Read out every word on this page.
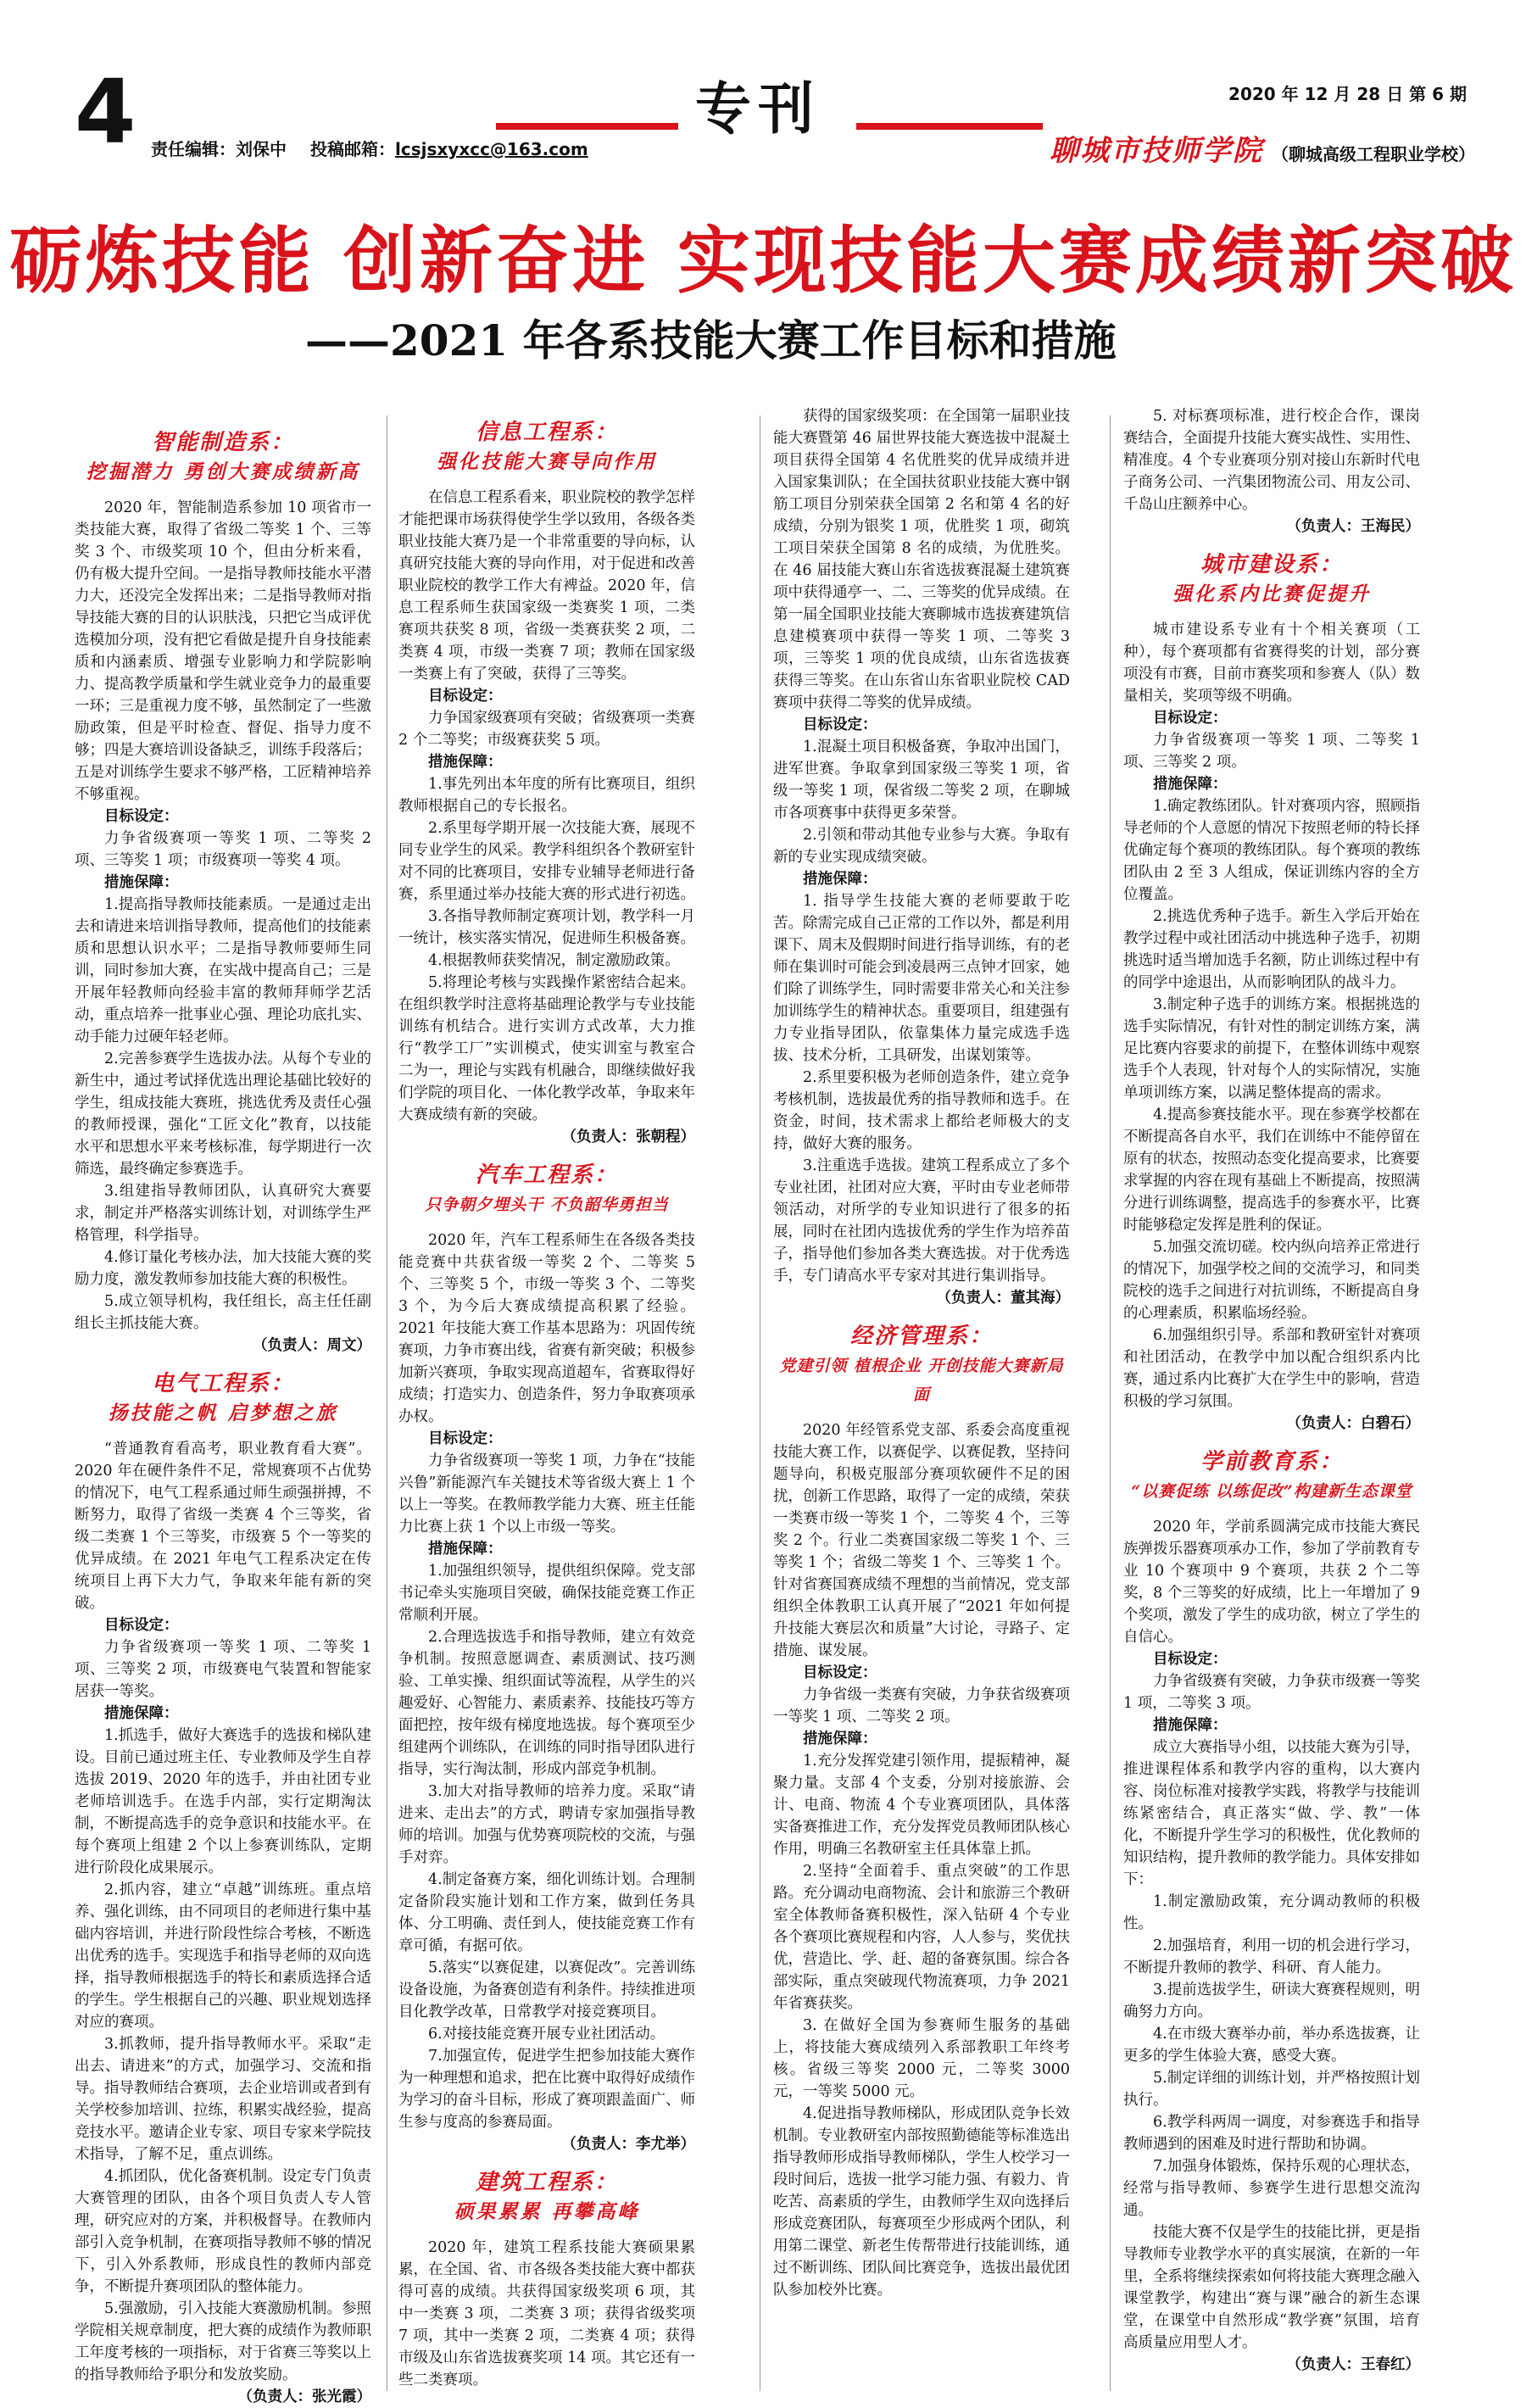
4 责任编辑：刘保中 投稿邮箱：lcsjsxyxcc@163.com
专刊	2020 年 12 月 28 日 第 6 期
聊城市技师学院 （聊城高级工程职业学校）
砺炼技能 创新奋进 实现技能大赛成绩新突破
——2021 年各系技能大赛工作目标和措施
智能制造系：
挖掘潜力 勇创大赛成绩新高

2020 年，智能制造系参加 10 项省市一类技能大赛，取得了省级二等奖 1 个、三等奖 3 个、市级奖项 10 个，但由分析来看，仍有极大提升空间。一是指导教师技能水平潜力大，还没完全发挥出来；二是指导教师对指导技能大赛的目的认识肤浅，只把它当成评优选模加分项，没有把它看做是提升自身技能素质和内涵素质、增强专业影响力和学院影响力、提高教学质量和学生就业竞争力的最重要一环；三是重视力度不够，虽然制定了一些激励政策，但是平时检查、督促、指导力度不够；四是大赛培训设备缺乏，训练手段落后；五是对训练学生要求不够严格，工匠精神培养不够重视。

目标设定：

力争省级赛项一等奖 1 项、二等奖 2 项、三等奖 1 项；市级赛项一等奖 4 项。

措施保障：

1.提高指导教师技能素质。一是通过走出去和请进来培训指导教师，提高他们的技能素质和思想认识水平；二是指导教师要师生同训，同时参加大赛，在实战中提高自己；三是开展年轻教师向经验丰富的教师拜师学艺活动，重点培养一批事业心强、理论功底扎实、动手能力过硬年轻老师。

2.完善参赛学生选拔办法。从每个专业的新生中，通过考试择优选出理论基础比较好的学生，组成技能大赛班，挑选优秀及责任心强的教师授课，强化“工匠文化”教育，以技能水平和思想水平来考核标准，每学期进行一次筛选，最终确定参赛选手。

3.组建指导教师团队，认真研究大赛要求，制定并严格落实训练计划，对训练学生严格管理，科学指导。

4.修订量化考核办法，加大技能大赛的奖励力度，激发教师参加技能大赛的积极性。

5.成立领导机构，我任组长，高主任任副组长主抓技能大赛。

（负责人：周文）

电气工程系：
扬技能之帆 启梦想之旅

“普通教育看高考，职业教育看大赛”。2020 年在硬件条件不足，常规赛项不占优势的情况下，电气工程系通过师生顽强拼搏，不断努力，取得了省级一类赛 4 个三等奖，省级二类赛 1 个三等奖，市级赛 5 个一等奖的优异成绩。在 2021 年电气工程系决定在传统项目上再下大力气，争取来年能有新的突破。

目标设定：

力争省级赛项一等奖 1 项、二等奖 1 项、三等奖 2 项，市级赛电气装置和智能家居获一等奖。

措施保障：

1.抓选手，做好大赛选手的选拔和梯队建设。目前已通过班主任、专业教师及学生自荐选拔 2019、2020 年的选手，并由社团专业老师培训选手。在选手内部，实行定期淘汰制，不断提高选手的竞争意识和技能水平。在每个赛项上组建 2 个以上参赛训练队，定期进行阶段化成果展示。

2.抓内容，建立“卓越”训练班。重点培养、强化训练，由不同项目的老师进行集中基础内容培训，并进行阶段性综合考核，不断选出优秀的选手。实现选手和指导老师的双向选择，指导教师根据选手的特长和素质选择合适的学生。学生根据自己的兴趣、职业规划选择对应的赛项。

3.抓教师，提升指导教师水平。采取“走出去、请进来”的方式，加强学习、交流和指导。指导教师结合赛项，去企业培训或者到有关学校参加培训、拉练，积累实战经验，提高竞技水平。邀请企业专家、项目专家来学院技术指导，了解不足，重点训练。

4.抓团队，优化备赛机制。设定专门负责大赛管理的团队，由各个项目负责人专人管理，研究应对的方案，并积极督导。在教师内部引入竞争机制，在赛项指导教师不够的情况下，引入外系教师，形成良性的教师内部竞争，不断提升赛项团队的整体能力。

5.强激励，引入技能大赛激励机制。参照学院相关规章制度，把大赛的成绩作为教师职工年度考核的一项指标，对于省赛三等奖以上的指导教师给予职分和发放奖励。

（负责人：张光霞）

信息工程系：
强化技能大赛导向作用

在信息工程系看来，职业院校的教学怎样才能把课市场获得使学生学以致用，各级各类职业技能大赛乃是一个非常重要的导向标，认真研究技能大赛的导向作用，对于促进和改善职业院校的教学工作大有裨益。2020 年，信息工程系师生获国家级一类赛奖 1 项，二类赛项共获奖 8 项，省级一类赛获奖 2 项，二类赛 4 项，市级一类赛 7 项；教师在国家级一类赛上有了突破，获得了三等奖。

目标设定：

力争国家级赛项有突破；省级赛项一类赛 2 个二等奖；市级赛获奖 5 项。

措施保障：

1.事先列出本年度的所有比赛项目，组织教师根据自己的专长报名。

2.系里每学期开展一次技能大赛，展现不同专业学生的风采。教学科组织各个教研室针对不同的比赛项目，安排专业辅导老师进行备赛，系里通过举办技能大赛的形式进行初选。

3.各指导教师制定赛项计划，教学科一月一统计，核实落实情况，促进师生积极备赛。

4.根据教师获奖情况，制定激励政策。

5.将理论考核与实践操作紧密结合起来。在组织教学时注意将基础理论教学与专业技能训练有机结合。进行实训方式改革，大力推行“教学工厂”实训模式，使实训室与教室合二为一，理论与实践有机融合，即继续做好我们学院的项目化、一体化教学改革，争取来年大赛成绩有新的突破。

（负责人：张朝程）

汽车工程系：
只争朝夕埋头干 不负韶华勇担当

2020 年，汽车工程系师生在各级各类技能竞赛中共获省级一等奖 2 个、二等奖 5 个、三等奖 5 个，市级一等奖 3 个、二等奖 3 个，为今后大赛成绩提高积累了经验。2021 年技能大赛工作基本思路为：巩固传统赛项，力争市赛出线，省赛有新突破；积极参加新兴赛项，争取实现高道超车，省赛取得好成绩；打造实力、创造条件，努力争取赛项承办权。

目标设定：

力争省级赛项一等奖 1 项，力争在“技能兴鲁”新能源汽车关键技术等省级大赛上 1 个以上一等奖。在教师教学能力大赛、班主任能力比赛上获 1 个以上市级一等奖。

措施保障：

1.加强组织领导，提供组织保障。党支部书记牵头实施项目突破，确保技能竞赛工作正常顺利开展。

2.合理选拔选手和指导教师，建立有效竞争机制。按照意愿调查、素质测试、技巧测验、工单实操、组织面试等流程，从学生的兴趣爱好、心智能力、素质素养、技能技巧等方面把控，按年级有梯度地选拔。每个赛项至少组建两个训练队，在训练的同时指导团队进行指导，实行淘汰制，形成内部竞争机制。

3.加大对指导教师的培养力度。采取“请进来、走出去”的方式，聘请专家加强指导教师的培训。加强与优势赛项院校的交流，与强手对弈。

4.制定备赛方案，细化训练计划。合理制定备阶段实施计划和工作方案，做到任务具体、分工明确、责任到人，使技能竞赛工作有章可循，有据可依。

5.落实“以赛促建，以赛促改”。完善训练设备设施，为备赛创造有利条件。持续推进项目化教学改革，日常教学对接竞赛项目。

6.对接技能竞赛开展专业社团活动。

7.加强宣传，促进学生把参加技能大赛作为一种理想和追求，把在比赛中取得好成绩作为学习的奋斗目标，形成了赛项跟盖面广、师生参与度高的参赛局面。

（负责人：李尤举）

建筑工程系：
硕果累累 再攀高峰

2020 年，建筑工程系技能大赛硕果累累，在全国、省、市各级各类技能大赛中都获得可喜的成绩。共获得国家级奖项 6 项，其中一类赛 3 项，二类赛 3 项；获得省级奖项 7 项，其中一类赛 2 项，二类赛 4 项；获得市级及山东省选拔赛奖项 14 项。其它还有一些二类赛项。

获得的国家级奖项：在全国第一届职业技能大赛暨第 46 届世界技能大赛选拔中混凝土项目获得全国第 4 名优胜奖的优异成绩并进入国家集训队；在全国扶贫职业技能大赛中钢筋工项目分别荣获全国第 2 名和第 4 名的好成绩，分别为银奖 1 项，优胜奖 1 项，砌筑工项目荣获全国第 8 名的成绩，为优胜奖。在 46 届技能大赛山东省选拔赛混凝土建筑赛项中获得通亭一、二、三等奖的优异成绩。在第一届全国职业技能大赛聊城市选拔赛建筑信息建模赛项中获得一等奖 1 项、二等奖 3 项，三等奖 1 项的优良成绩，山东省选拔赛获得三等奖。在山东省山东省职业院校 CAD 赛项中获得二等奖的优异成绩。

目标设定：

1.混凝土项目积极备赛，争取冲出国门，进军世赛。争取拿到国家级三等奖 1 项，省级一等奖 1 项，保省级二等奖 2 项，在聊城市各项赛事中获得更多荣誉。

2.引领和带动其他专业参与大赛。争取有新的专业实现成绩突破。

措施保障：

1. 指导学生技能大赛的老师要敢于吃苦。除需完成自己正常的工作以外，都是利用课下、周末及假期时间进行指导训练，有的老师在集训时可能会到凌晨两三点钟才回家，她们除了训练学生，同时需要非常关心和关注参加训练学生的精神状态。重要项目，组建强有力专业指导团队，依靠集体力量完成选手选拔、技术分析，工具研发，出谋划策等。

2.系里要积极为老师创造条件，建立竞争考核机制，选拔最优秀的指导教师和选手。在资金，时间，技术需求上都给老师极大的支持，做好大赛的服务。

3.注重选手选拔。建筑工程系成立了多个专业社团，社团对应大赛，平时由专业老师带领活动，对所学的专业知识进行了很多的拓展，同时在社团内选拔优秀的学生作为培养苗子，指导他们参加各类大赛选拔。对于优秀选手，专门请高水平专家对其进行集训指导。

（负责人：董其海）

经济管理系：
党建引领 植根企业 开创技能大赛新局面

2020 年经管系党支部、系委会高度重视技能大赛工作，以赛促学、以赛促教，坚持问题导向，积极克服部分赛项软硬件不足的困扰，创新工作思路，取得了一定的成绩，荣获一类赛市级一等奖 1 个，二等奖 4 个，三等奖 2 个。行业二类赛国家级二等奖 1 个、三等奖 1 个；省级二等奖 1 个、三等奖 1 个。针对省赛国赛成绩不理想的当前情况，党支部组织全体教职工认真开展了“2021 年如何提升技能大赛层次和质量”大讨论，寻路子、定措施、谋发展。

目标设定：

力争省级一类赛有突破，力争获省级赛项一等奖 1 项、二等奖 2 项。

措施保障：

1.充分发挥党建引领作用，提振精神，凝聚力量。支部 4 个支委，分别对接旅游、会计、电商、物流 4 个专业赛项团队，具体落实备赛推进工作，充分发挥党员教师团队核心作用，明确三名教研室主任具体靠上抓。

2.坚持“全面着手、重点突破”的工作思路。充分调动电商物流、会计和旅游三个教研室全体教师备赛积极性，深入钻研 4 个专业各个赛项比赛规程和内容，人人参与，奖优扶优，营造比、学、赶、超的备赛氛围。综合各部实际，重点突破现代物流赛项，力争 2021 年省赛获奖。

3. 在做好全国为参赛师生服务的基础上，将技能大赛成绩列入系部教职工年终考核。省级三等奖 2000 元，二等奖 3000 元，一等奖 5000 元。

4.促进指导教师梯队，形成团队竞争长效机制。专业教研室内部按照勤德能等标准选出指导教师形成指导教师梯队，学生人校学习一段时间后，选拔一批学习能力强、有毅力、肯吃苦、高素质的学生，由教师学生双向选择后形成竞赛团队，每赛项至少形成两个团队，利用第二课堂、新老生传帮带进行技能训练，通过不断训练、团队间比赛竞争，选拔出最优团队参加校外比赛。

5. 对标赛项标准，进行校企合作，课岗赛结合，全面提升技能大赛实战性、实用性、精准度。4 个专业赛项分别对接山东新时代电子商务公司、一汽集团物流公司、用友公司、千岛山庄额养中心。

（负责人：王海民）

城市建设系：
强化系内比赛促提升

城市建设系专业有十个相关赛项（工种），每个赛项都有省赛得奖的计划，部分赛项没有市赛，目前市赛奖项和参赛人（队）数量相关，奖项等级不明确。

目标设定：

力争省级赛项一等奖 1 项、二等奖 1 项、三等奖 2 项。

措施保障：

1.确定教练团队。针对赛项内容，照顾指导老师的个人意愿的情况下按照老师的特长择优确定每个赛项的教练团队。每个赛项的教练团队由 2 至 3 人组成，保证训练内容的全方位覆盖。

2.挑选优秀种子选手。新生入学后开始在教学过程中或社团活动中挑选种子选手，初期挑选时适当增加选手名额，防止训练过程中有的同学中途退出，从而影响团队的战斗力。

3.制定种子选手的训练方案。根据挑选的选手实际情况，有针对性的制定训练方案，满足比赛内容要求的前提下，在整体训练中观察选手个人表现，针对每个人的实际情况，实施单项训练方案，以满足整体提高的需求。

4.提高参赛技能水平。现在参赛学校都在不断提高各自水平，我们在训练中不能停留在原有的状态，按照动态变化提高要求，比赛要求掌握的内容在现有基础上不断提高，按照满分进行训练调整，提高选手的参赛水平，比赛时能够稳定发挥是胜利的保证。

5.加强交流切磋。校内纵向培养正常进行的情况下，加强学校之间的交流学习，和同类院校的选手之间进行对抗训练，不断提高自身的心理素质，积累临场经验。

6.加强组织引导。系部和教研室针对赛项和社团活动，在教学中加以配合组织系内比赛，通过系内比赛扩大在学生中的影响，营造积极的学习氛围。

（负责人：白碧石）

学前教育系：
“以赛促练 以练促改”构建新生态课堂

2020 年，学前系圆满完成市技能大赛民族弹拨乐器赛项承办工作，参加了学前教育专业 10 个赛项中 9 个赛项，共获 2 个二等奖，8 个三等奖的好成绩，比上一年增加了 9 个奖项，激发了学生的成功欲，树立了学生的自信心。

目标设定：

力争省级赛有突破，力争获市级赛一等奖 1 项，二等奖 3 项。

措施保障：

成立大赛指导小组，以技能大赛为引导，推进课程体系和教学内容的重构，以大赛内容、岗位标准对接教学实践，将教学与技能训练紧密结合，真正落实“做、学、教”一体化，不断提升学生学习的积极性，优化教师的知识结构，提升教师的教学能力。具体安排如下：

1.制定激励政策，充分调动教师的积极性。

2.加强培育，利用一切的机会进行学习，不断提升教师的教学、科研、育人能力。

3.提前选拔学生，研读大赛赛程规则，明确努力方向。

4.在市级大赛举办前，举办系选拔赛，让更多的学生体验大赛，感受大赛。

5.制定详细的训练计划，并严格按照计划执行。

6.教学科两周一调度，对参赛选手和指导教师遇到的困难及时进行帮助和协调。

7.加强身体锻炼，保持乐观的心理状态，经常与指导教师、参赛学生进行思想交流沟通。

技能大赛不仅是学生的技能比拼，更是指导教师专业教学水平的真实展演，在新的一年里，全系将继续探索如何将技能大赛理念融入课堂教学，构建出“赛与课”融合的新生态课堂，在课堂中自然形成“教学赛”氛围，培育高质量应用型人才。

（负责人：王春红）
